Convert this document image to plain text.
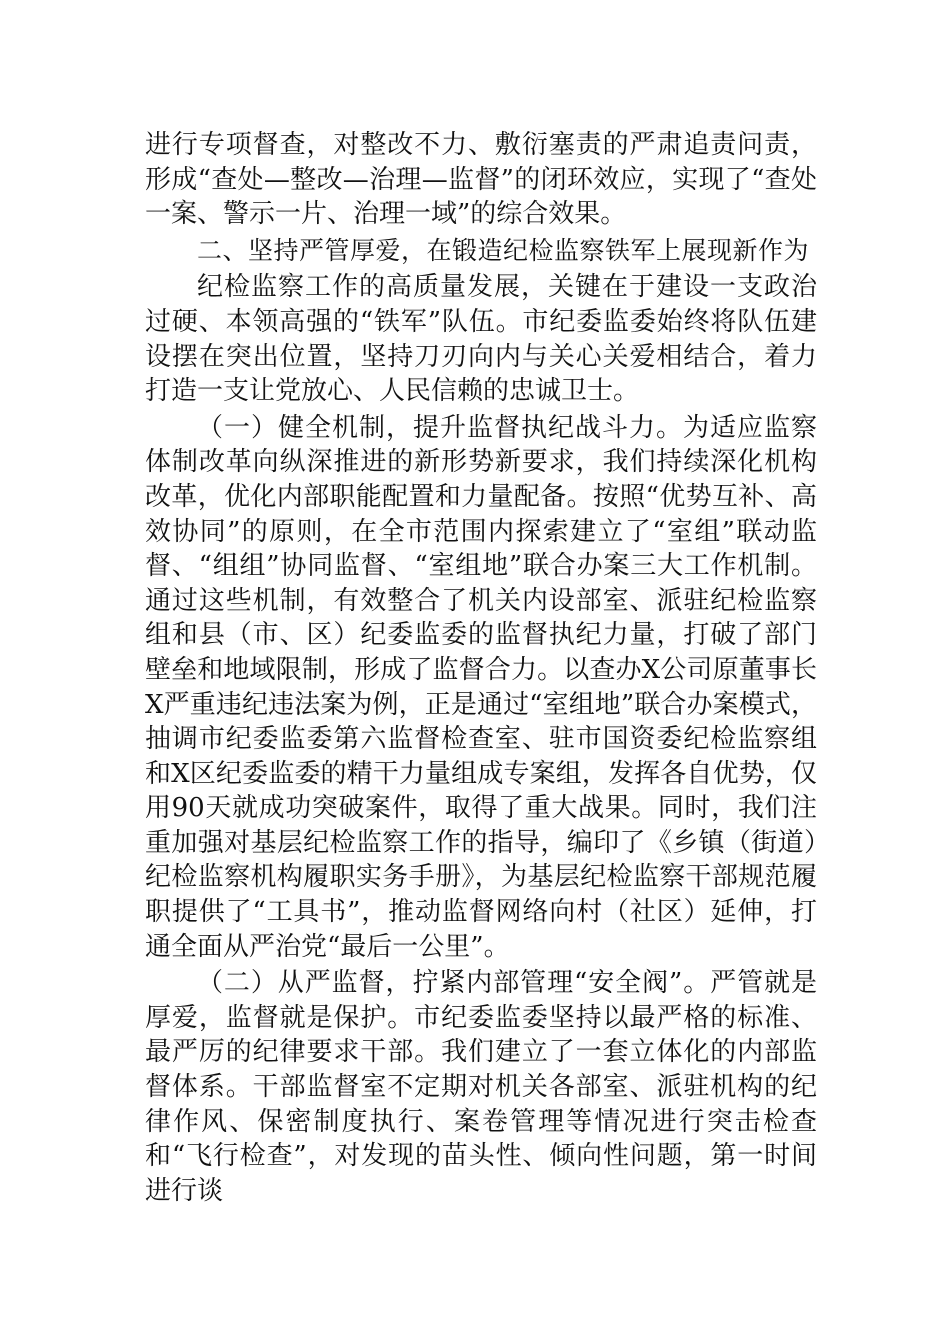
进行专项督查，对整改不力、敷衍塞责的严肃追责问责，形成“查处—整改—治理—监督”的闭环效应，实现了“查处一案、警示一片、治理一域”的综合效果。

二、坚持严管厚爱，在锻造纪检监察铁军上展现新作为

纪检监察工作的高质量发展，关键在于建设一支政治过硬、本领高强的“铁军”队伍。市纪委监委始终将队伍建设摆在突出位置，坚持刀刃向内与关心关爱相结合，着力打造一支让党放心、人民信赖的忠诚卫士。

（一）健全机制，提升监督执纪战斗力。为适应监察体制改革向纵深推进的新形势新要求，我们持续深化机构改革，优化内部职能配置和力量配备。按照“优势互补、高效协同”的原则，在全市范围内探索建立了“室组”联动监督、“组组”协同监督、“室组地”联合办案三大工作机制。通过这些机制，有效整合了机关内设部室、派驻纪检监察组和县（市、区）纪委监委的监督执纪力量，打破了部门壁垒和地域限制，形成了监督合力。以查办X公司原董事长X严重违纪违法案为例，正是通过“室组地”联合办案模式，抽调市纪委监委第六监督检查室、驻市国资委纪检监察组和X区纪委监委的精干力量组成专案组，发挥各自优势，仅用90天就成功突破案件，取得了重大战果。同时，我们注重加强对基层纪检监察工作的指导，编印了《乡镇（街道）纪检监察机构履职实务手册》，为基层纪检监察干部规范履职提供了“工具书”，推动监督网络向村（社区）延伸，打通全面从严治党“最后一公里”。

（二）从严监督，拧紧内部管理“安全阀”。严管就是厚爱，监督就是保护。市纪委监委坚持以最严格的标准、最严厉的纪律要求干部。我们建立了一套立体化的内部监督体系。干部监督室不定期对机关各部室、派驻机构的纪律作风、保密制度执行、案卷管理等情况进行突击检查和“飞行检查”，对发现的苗头性、倾向性问题，第一时间进行谈
